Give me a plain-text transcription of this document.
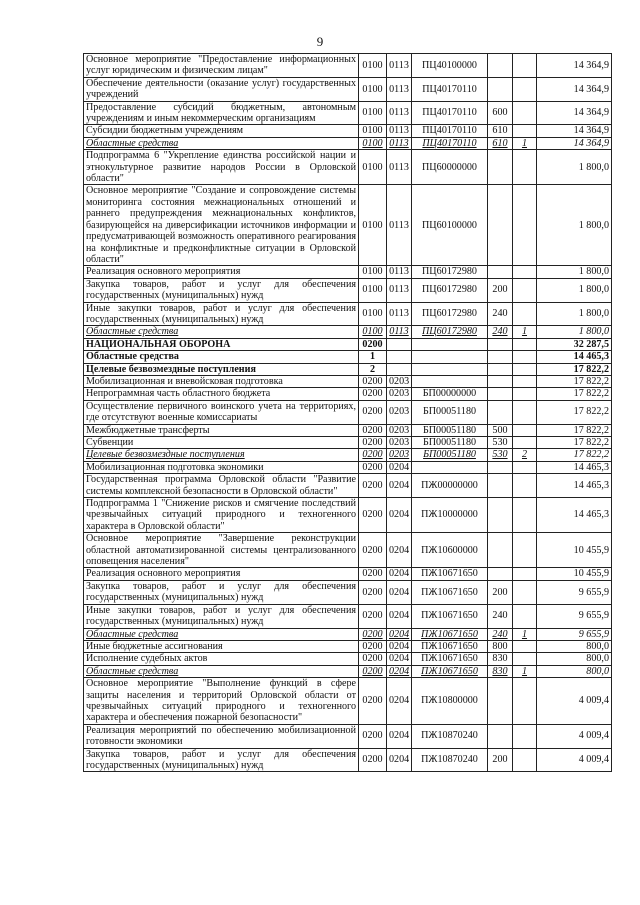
9
Основное мероприятие "Предоставление информационных услуг юридическим и физическим лицам"	0100	0113	ПЦ40100000			14 364,9
Обеспечение деятельности (оказание услуг) государственных учреждений	0100	0113	ПЦ40170110			14 364,9
Предоставление субсидий бюджетным, автономным учреждениям и иным некоммерческим организациям	0100	0113	ПЦ40170110	600		14 364,9
Субсидии бюджетным учреждениям	0100	0113	ПЦ40170110	610		14 364,9
Областные средства	0100	0113	ПЦ40170110	610	1	14 364,9
Подпрограмма 6 "Укрепление единства российской нации и этнокультурное развитие народов России в Орловской области"	0100	0113	ПЦ60000000			1 800,0
Основное мероприятие "Создание и сопровождение системы мониторинга состояния межнациональных отношений и раннего предупреждения межнациональных конфликтов, базирующейся на диверсификации источников информации и предусматривающей возможность оперативного реагирования на конфликтные и предконфликтные ситуации в Орловской области"	0100	0113	ПЦ60100000			1 800,0
Реализация основного мероприятия	0100	0113	ПЦ60172980			1 800,0
Закупка товаров, работ и услуг для обеспечения государственных (муниципальных) нужд	0100	0113	ПЦ60172980	200		1 800,0
Иные закупки товаров, работ и услуг для обеспечения государственных (муниципальных) нужд	0100	0113	ПЦ60172980	240		1 800,0
Областные средства	0100	0113	ПЦ60172980	240	1	1 800,0
НАЦИОНАЛЬНАЯ ОБОРОНА	0200					32 287,5
Областные средства	1					14 465,3
Целевые безвозмездные поступления	2					17 822,2
Мобилизационная и вневойсковая подготовка	0200	0203				17 822,2
Непрограммная часть областного бюджета	0200	0203	БП00000000			17 822,2
Осуществление первичного воинского учета на территориях, где отсутствуют военные комиссариаты	0200	0203	БП00051180			17 822,2
Межбюджетные трансферты	0200	0203	БП00051180	500		17 822,2
Субвенции	0200	0203	БП00051180	530		17 822,2
Целевые безвозмездные поступления	0200	0203	БП00051180	530	2	17 822,2
Мобилизационная подготовка экономики	0200	0204				14 465,3
Государственная программа Орловской области "Развитие системы комплексной безопасности в Орловской области"	0200	0204	ПЖ00000000			14 465,3
Подпрограмма 1 "Снижение рисков и смягчение последствий чрезвычайных ситуаций природного и техногенного характера в Орловской области"	0200	0204	ПЖ10000000			14 465,3
Основное мероприятие "Завершение реконструкции областной автоматизированной системы централизованного оповещения населения"	0200	0204	ПЖ10600000			10 455,9
Реализация основного мероприятия	0200	0204	ПЖ10671650			10 455,9
Закупка товаров, работ и услуг для обеспечения государственных (муниципальных) нужд	0200	0204	ПЖ10671650	200		9 655,9
Иные закупки товаров, работ и услуг для обеспечения государственных (муниципальных) нужд	0200	0204	ПЖ10671650	240		9 655,9
Областные средства	0200	0204	ПЖ10671650	240	1	9 655,9
Иные бюджетные ассигнования	0200	0204	ПЖ10671650	800		800,0
Исполнение судебных актов	0200	0204	ПЖ10671650	830		800,0
Областные средства	0200	0204	ПЖ10671650	830	1	800,0
Основное мероприятие "Выполнение функций в сфере защиты населения и территорий Орловской области от чрезвычайных ситуаций природного и техногенного характера и обеспечения пожарной безопасности"	0200	0204	ПЖ10800000			4 009,4
Реализация мероприятий по обеспечению мобилизационной готовности экономики	0200	0204	ПЖ10870240			4 009,4
Закупка товаров, работ и услуг для обеспечения государственных (муниципальных) нужд	0200	0204	ПЖ10870240	200		4 009,4
